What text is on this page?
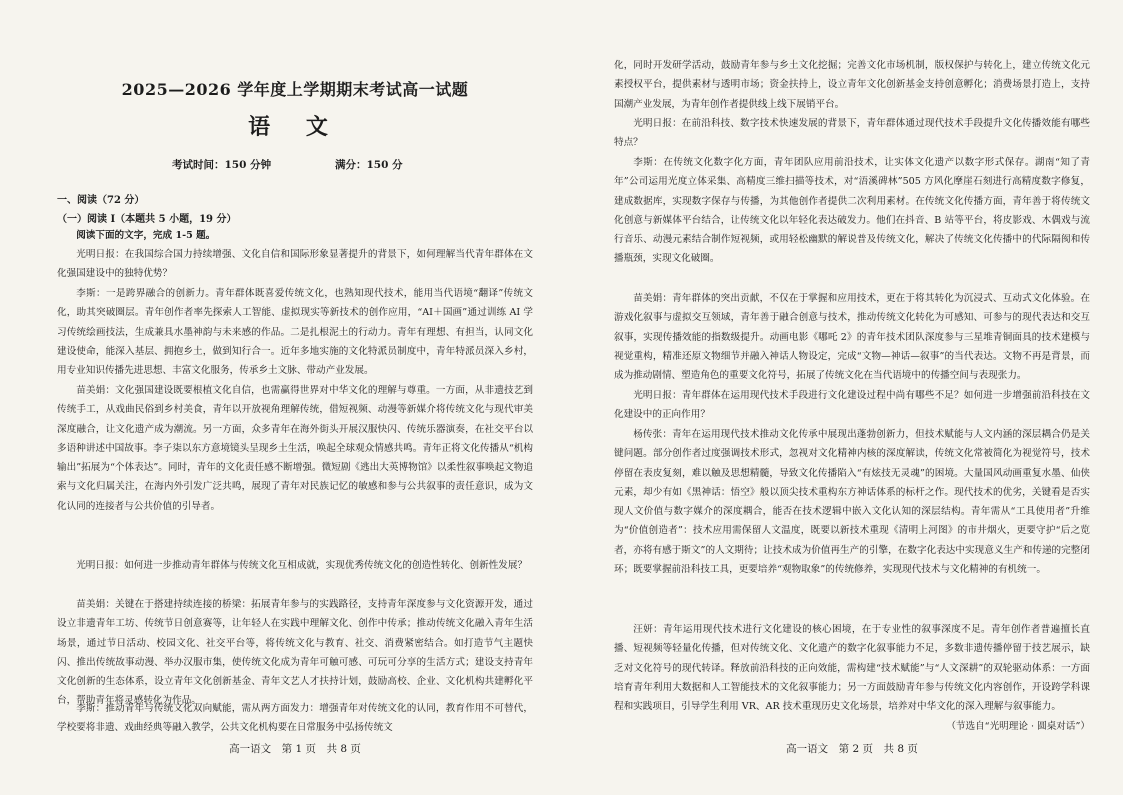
2025—2026 学年度上学期期末考试高一试题
语 文
考试时间：150 分钟	满分：150 分
一、阅读（72 分）
（一）阅读 I（本题共 5 小题，19 分）
阅读下面的文字，完成 1-5 题。

光明日报：在我国综合国力持续增强、文化自信和国际形象显著提升的背景下，如何理解当代青年群体在文化强国建设中的独特优势？

李斯：一是跨界融合的创新力。青年群体既喜爱传统文化，也熟知现代技术，能用当代语境“翻译”传统文化，助其突破圈层。青年创作者率先探索人工智能、虚拟现实等新技术的创作应用，“AI＋国画”通过训练 AI 学习传统绘画技法，生成兼具水墨神韵与未来感的作品。二是扎根泥土的行动力。青年有理想、有担当，认同文化建设使命，能深入基层、拥抱乡土，做到知行合一。近年多地实施的文化特派员制度中，青年特派员深入乡村，用专业知识传播先进思想、丰富文化服务，传承乡土文脉、带动产业发展。

苗美娟：文化强国建设既要根植文化自信，也需赢得世界对中华文化的理解与尊重。一方面，从非遗技艺到传统手工，从戏曲民俗到乡村美食，青年以开放视角理解传统，借短视频、动漫等新媒介将传统文化与现代审美深度融合，让文化遗产成为潮流。另一方面，众多青年在海外街头开展汉服快闪、传统乐器演奏，在社交平台以多语种讲述中国故事。李子柒以东方意境镜头呈现乡土生活，唤起全球观众情感共鸣。青年正将文化传播从“机构输出”拓展为“个体表达”。同时，青年的文化责任感不断增强。微短剧《逃出大英博物馆》以柔性叙事唤起文物追索与文化归属关注，在海内外引发广泛共鸣，展现了青年对民族记忆的敏感和参与公共叙事的责任意识，成为文化认同的连接者与公共价值的引导者。

光明日报：如何进一步推动青年群体与传统文化互相成就，实现优秀传统文化的创造性转化、创新性发展？

苗美娟：关键在于搭建持续连接的桥梁：拓展青年参与的实践路径，支持青年深度参与文化资源开发，通过设立非遗青年工坊、传统节日创意赛等，让年轻人在实践中理解文化、创作中传承；推动传统文化融入青年生活场景，通过节日活动、校园文化、社交平台等，将传统文化与教育、社交、消费紧密结合。如打造节气主题快闪、推出传统故事动漫、举办汉服市集，使传统文化成为青年可触可感、可玩可分享的生活方式；建设支持青年文化创新的生态体系，设立青年文化创新基金、青年文艺人才扶持计划，鼓励高校、企业、文化机构共建孵化平台，帮助青年将灵感转化为作品。

李斯：推动青年与传统文化双向赋能，需从两方面发力：增强青年对传统文化的认同，教育作用不可替代，学校要将非遗、戏曲经典等融入教学，公共文化机构要在日常服务中弘扬传统文

高一语文　第 1 页　共 8 页

化，同时开发研学活动，鼓励青年参与乡土文化挖掘；完善文化市场机制，版权保护与转化上，建立传统文化元素授权平台，提供素材与透明市场；资金扶持上，设立青年文化创新基金支持创意孵化；消费场景打造上，支持国潮产业发展，为青年创作者提供线上线下展销平台。

光明日报：在前沿科技、数字技术快速发展的背景下，青年群体通过现代技术手段提升文化传播效能有哪些特点？

李斯：在传统文化数字化方面，青年团队应用前沿技术，让实体文化遗产以数字形式保存。湖南“知了青年”公司运用光度立体采集、高精度三维扫描等技术，对“浯溪碑林”505 方风化摩崖石刻进行高精度数字修复，建成数据库，实现数字保存与传播，为其他创作者提供二次利用素材。在传统文化传播方面，青年善于将传统文化创意与新媒体平台结合，让传统文化以年轻化表达破发力。他们在抖音、B 站等平台，将皮影戏、木偶戏与流行音乐、动漫元素结合制作短视频，或用轻松幽默的解说普及传统文化，解决了传统文化传播中的代际隔阂和传播瓶颈，实现文化破圈。

苗美娟：青年群体的突出贡献，不仅在于掌握和应用技术，更在于将其转化为沉浸式、互动式文化体验。在游戏化叙事与虚拟交互领域，青年善于融合创意与技术，推动传统文化转化为可感知、可参与的现代表达和交互叙事，实现传播效能的指数级提升。动画电影《哪吒 2》的青年技术团队深度参与三星堆青铜面具的技术建模与视觉重构，精准还原文物细节并融入神话人物设定，完成“文物—神话—叙事”的当代表达。文物不再是背景，而成为推动剧情、塑造角色的重要文化符号，拓展了传统文化在当代语境中的传播空间与表现张力。

光明日报：青年群体在运用现代技术手段进行文化建设过程中尚有哪些不足？如何进一步增强前沿科技在文化建设中的正向作用？

杨传张：青年在运用现代技术推动文化传承中展现出蓬勃创新力，但技术赋能与人文内涵的深层耦合仍是关键问题。部分创作者过度强调技术形式，忽视对文化精神内核的深度解读，传统文化常被简化为视觉符号，技术停留在表皮复刻，难以触及思想精髓，导致文化传播陷入“有炫技无灵魂”的困境。大量国风动画重复水墨、仙侠元素，却少有如《黑神话：悟空》般以顶尖技术重构东方神话体系的标杆之作。现代技术的优劣，关键看是否实现人文价值与数字媒介的深度耦合，能否在技术逻辑中嵌入文化认知的深层结构。青年需从“工具使用者”升维为“价值创造者”：技术应用需保留人文温度，既要以新技术重现《清明上河图》的市井烟火，更要守护“后之览者，亦将有感于斯文”的人文期待；让技术成为价值再生产的引擎，在数字化表达中实现意义生产和传递的完整闭环；既要掌握前沿科技工具，更要培养“观物取象”的传统修养，实现现代技术与文化精神的有机统一。

汪妍：青年运用现代技术进行文化建设的核心困境，在于专业性的叙事深度不足。青年创作者普遍擅长直播、短视频等轻量化传播，但对传统文化、文化遗产的数字化叙事能力不足，多数非遗传播停留于技艺展示，缺乏对文化符号的现代转译。释放前沿科技的正向效能，需构建“技术赋能”与“人文深耕”的双轮驱动体系：一方面培育青年利用大数据和人工智能技术的文化叙事能力；另一方面鼓励青年参与传统文化内容创作，开设跨学科课程和实践项目，引导学生利用 VR、AR 技术重现历史文化场景，培养对中华文化的深入理解与叙事能力。

（节选自“光明理论 · 圆桌对话”）
高一语文　第 2 页　共 8 页
